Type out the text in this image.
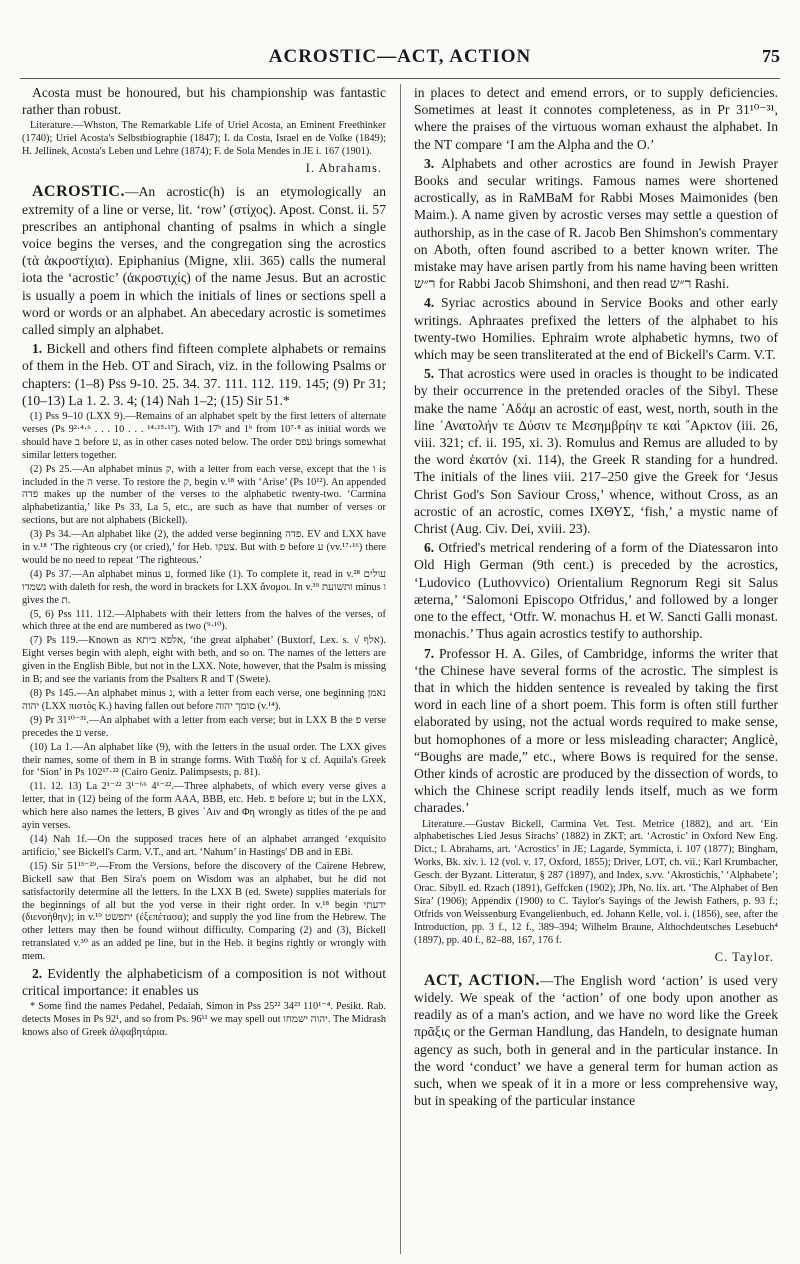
ACROSTIC—ACT, ACTION	75

Acosta must be honoured, but his championship was fantastic rather than robust.

Literature.—Whston, The Remarkable Life of Uriel Acosta, an Eminent Freethinker (1740); Uriel Acosta's Selbstbiographie (1847); I. da Costa, Israel en de Volke (1849); H. Jellinek, Acosta's Leben und Lehre (1874); F. de Sola Mendes in JE i. 167 (1901).

I. Abrahams.

ACROSTIC.—An acrostic(h) is an etymologically an extremity of a line or verse, lit. ‘row’ (στίχος). Apost. Const. ii. 57 prescribes an antiphonal chanting of psalms in which a single voice begins the verses, and the congregation sing the acrostics (τὰ ἀκροστίχια). Epiphanius (Migne, xlii. 365) calls the numeral iota the ‘acrostic’ (ἀκροστιχίς) of the name Jesus. But an acrostic is usually a poem in which the initials of lines or sections spell a word or words or an alphabet. An abecedary acrostic is sometimes called simply an alphabet.

1. Bickell and others find fifteen complete alphabets or remains of them in the Heb. OT and Sirach, viz. in the following Psalms or chapters: (1–8) Pss 9-10. 25. 34. 37. 111. 112. 119. 145; (9) Pr 31; (10–13) La 1. 2. 3. 4; (14) Nah 1–2; (15) Sir 51.*

(1) Pss 9–10 (LXX 9).—Remains of an alphabet spelt by the first letters of alternate verses (Ps 9²·⁴·⁶ . . . 10 . . . ¹⁴·¹⁵·¹⁷). With 17ᵇ and 1ᵇ from 10⁷·⁸ as initial words we should have ב before ע, as in other cases noted below. The order עפס brings somewhat similar letters together.

(2) Ps 25.—An alphabet minus ק, with a letter from each verse, except that the ו is included in the ה verse. To restore the ק, begin v.¹⁸ with ‘Arise’ (Ps 10¹²). An appended פדה makes up the number of the verses to the alphabetic twenty-two. ‘Carmina alphabetizantia,’ like Ps 33, La 5, etc., are such as have that number of verses or sections, but are not alphabets (Bickell).

(3) Ps 34.—An alphabet like (2), the added verse beginning פדה. EV and LXX have in v.¹⁸ ‘The righteous cry (or cried),’ for Heb. צעקו. But with פ before ע (vv.¹⁷·¹⁶) there would be no need to repeat ‘The righteous.’

(4) Ps 37.—An alphabet minus ע, formed like (1). To complete it, read in v.²⁸ עולים נשמדו with daleth for resh, the word in brackets for LXX ἄνομοι. In v.³⁹ ותשועת minus ו gives the ת.

(5, 6) Pss 111. 112.—Alphabets with their letters from the halves of the verses, of which three at the end are numbered as two (⁹·¹⁰).

(7) Ps 119.—Known as אלפא ביתא, ‘the great alphabet’ (Buxtorf, Lex. s. √ אלף). Eight verses begin with aleph, eight with beth, and so on. The names of the letters are given in the English Bible, but not in the LXX. Note, however, that the Psalm is missing in B; and see the variants from the Psalters R and T (Swete).

(8) Ps 145.—An alphabet minus נ, with a letter from each verse, one beginning נאמן יהוה (LXX πιστὸς K.) having fallen out before סומך יהוה (v.¹⁴).

(9) Pr 31¹⁰⁻³¹.—An alphabet with a letter from each verse; but in LXX B the פ verse precedes the ע verse.

(10) La 1.—An alphabet like (9), with the letters in the usual order. The LXX gives their names, some of them in B in strange forms. With Τιαδὴ for צ cf. Aquila's Greek for ‘Sion’ in Ps 102¹⁷·²² (Cairo Geniz. Palimpsests, p. 81).

(11. 12. 13) La 2¹⁻²² 3¹⁻⁶⁶ 4¹⁻²².—Three alphabets, of which every verse gives a letter, that in (12) being of the form AAA, BBB, etc. Heb. פ before ע; but in the LXX, which here also names the letters, B gives ᾿Αιν and Φη wrongly as titles of the pe and ayin verses.

(14) Nah 1f.—On the supposed traces here of an alphabet arranged ‘exquisito artificio,’ see Bickell's Carm. V.T., and art. ‘Nahum’ in Hastings' DB and in EBi.

(15) Sir 51¹³⁻²⁹.—From the Versions, before the discovery of the Cairene Hebrew, Bickell saw that Ben Sira's poem on Wisdom was an alphabet, but he did not satisfactorily determine all the letters. In the LXX B (ed. Swete) supplies materials for the beginnings of all but the yod verse in their right order. In v.¹⁸ begin ידעתי (διενοήθην); in v.¹⁹ יתפשט (ἐξεπέτασα); and supply the yod line from the Hebrew. The other letters may then be found without difficulty. Comparing (2) and (3), Bickell retranslated v.³⁰ as an added pe line, but in the Heb. it begins rightly or wrongly with mem.

2. Evidently the alphabeticism of a composition is not without critical importance: it enables us

* Some find the names Pedahel, Pedaiah, Simon in Pss 25²² 34²³ 110¹⁻⁴. Pesikt. Rab. detects Moses in Ps 92¹, and so from Ps. 96¹¹ we may spell out יהוה ישמחו. The Midrash knows also of Greek ἀλφαβητάρια.

in places to detect and emend errors, or to supply deficiencies. Sometimes at least it connotes completeness, as in Pr 31¹⁰⁻³¹, where the praises of the virtuous woman exhaust the alphabet. In the NT compare ‘I am the Alpha and the O.’

3. Alphabets and other acrostics are found in Jewish Prayer Books and secular writings. Famous names were shortened acrostically, as in RaMBaM for Rabbi Moses Maimonides (ben Maim.). A name given by acrostic verses may settle a question of authorship, as in the case of R. Jacob Ben Shimshon's commentary on Aboth, often found ascribed to a better known writer. The mistake may have arisen partly from his name having been written ר״ש for Rabbi Jacob Shimshoni, and then read ר״ש Rashi.

4. Syriac acrostics abound in Service Books and other early writings. Aphraates prefixed the letters of the alphabet to his twenty-two Homilies. Ephraim wrote alphabetic hymns, two of which may be seen transliterated at the end of Bickell's Carm. V.T.

5. That acrostics were used in oracles is thought to be indicated by their occurrence in the pretended oracles of the Sibyl. These make the name ᾿Αδάμ an acrostic of east, west, north, south in the line ᾿Ανατολήν τε Δύσιν τε Μεσημβρίην τε καὶ ῎Αρκτον (iii. 26, viii. 321; cf. ii. 195, xi. 3). Romulus and Remus are alluded to by the word ἑκατόν (xi. 114), the Greek R standing for a hundred. The initials of the lines viii. 217–250 give the Greek for ‘Jesus Christ God's Son Saviour Cross,’ whence, without Cross, as an acrostic of an acrostic, comes ΙΧΘΥΣ, ‘fish,’ a mystic name of Christ (Aug. Civ. Dei, xviii. 23).

6. Otfried's metrical rendering of a form of the Diatessaron into Old High German (9th cent.) is preceded by the acrostics, ‘Ludovico (Luthovvico) Orientalium Regnorum Regi sit Salus æterna,’ ‘Salomoni Episcopo Otfridus,’ and followed by a longer one to the effect, ‘Otfr. W. monachus H. et W. Sancti Galli monast. monachis.’ Thus again acrostics testify to authorship.

7. Professor H. A. Giles, of Cambridge, informs the writer that ‘the Chinese have several forms of the acrostic. The simplest is that in which the hidden sentence is revealed by taking the first word in each line of a short poem. This form is often still further elaborated by using, not the actual words required to make sense, but homophones of a more or less misleading character; Anglicè, “Boughs are made,” etc., where Bows is required for the sense. Other kinds of acrostic are produced by the dissection of words, to which the Chinese script readily lends itself, much as we form charades.’

Literature.—Gustav Bickell, Carmina Vet. Test. Metrice (1882), and art. ‘Ein alphabetisches Lied Jesus Sirachs’ (1882) in ZKT; art. ‘Acrostic’ in Oxford New Eng. Dict.; I. Abrahams, art. ‘Acrostics’ in JE; Lagarde, Symmicta, i. 107 (1877); Bingham, Works, Bk. xiv. i. 12 (vol. v. 17, Oxford, 1855); Driver, LOT, ch. vii.; Karl Krumbacher, Gesch. der Byzant. Litteratur, § 287 (1897), and Index, s.vv. ‘Akrostichis,’ ‘Alphabete’; Orac. Sibyll. ed. Rzach (1891), Geffcken (1902); JPh, No. lix. art. ‘The Alphabet of Ben Sira’ (1906); Appendix (1900) to C. Taylor's Sayings of the Jewish Fathers, p. 93 f.; Otfrids von Weissenburg Evangelienbuch, ed. Johann Kelle, vol. i. (1856), see, after the Introduction, pp. 3 f., 12 f., 389–394; Wilhelm Braune, Althochdeutsches Lesebuch⁴ (1897), pp. 40 f., 82–88, 167, 176 f.

C. Taylor.

ACT, ACTION.—The English word ‘action’ is used very widely. We speak of the ‘action’ of one body upon another as readily as of a man's action, and we have no word like the Greek πρᾶξις or the German Handlung, das Handeln, to designate human agency as such, both in general and in the particular instance. In the word ‘conduct’ we have a general term for human action as such, when we speak of it in a more or less comprehensive way, but in speaking of the particular instance
